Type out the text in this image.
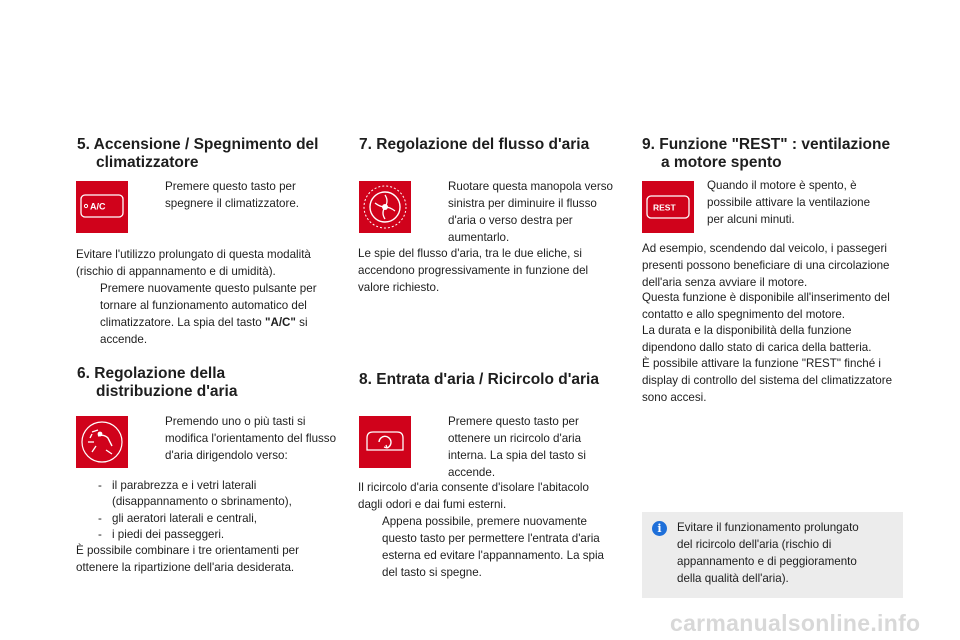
5. Accensione / Spegnimento del
climatizzatore
A/C
Premere questo tasto per spegnere il climatizzatore.

Evitare l'utilizzo prolungato di questa modalità (rischio di appannamento e di umidità).

Premere nuovamente questo pulsante per tornare al funzionamento automatico del climatizzatore. La spia del tasto "A/C" si accende.
6. Regolazione della
distribuzione d'aria
Premendo uno o più tasti si modifica l'orientamento del flusso d'aria dirigendolo verso:
- il parabrezza e i vetri laterali (disappannamento o sbrinamento),
- gli aeratori laterali e centrali,
- i piedi dei passeggeri.

È possibile combinare i tre orientamenti per ottenere la ripartizione dell'aria desiderata.

7. Regolazione del flusso d'aria
Ruotare questa manopola verso sinistra per diminuire il flusso d'aria o verso destra per aumentarlo.

Le spie del flusso d'aria, tra le due eliche, si accendono progressivamente in funzione del valore richiesto.

8. Entrata d'aria / Ricircolo d'aria
Premere questo tasto per ottenere un ricircolo d'aria interna. La spia del tasto si accende.

Il ricircolo d'aria consente d'isolare l'abitacolo dagli odori e dai fumi esterni.

Appena possibile, premere nuovamente questo tasto per permettere l'entrata d'aria esterna ed evitare l'appannamento. La spia del tasto si spegne.
9. Funzione "REST" : ventilazione
a motore spento
REST

Quando il motore è spento, è possibile attivare la ventilazione per alcuni minuti.

Ad esempio, scendendo dal veicolo, i passegeri presenti possono beneficiare di una circolazione dell'aria senza avviare il motore.

Questa funzione è disponibile all'inserimento del contatto e allo spegnimento del motore.

La durata e la disponibilità della funzione dipendono dallo stato di carica della batteria.

È possibile attivare la funzione "REST" finché i display di controllo del sistema del climatizzatore sono accesi.

i	Evitare il funzionamento prolungato del ricircolo dell'aria (rischio di appannamento e di peggioramento della qualità dell'aria).

carmanualsonline.info
